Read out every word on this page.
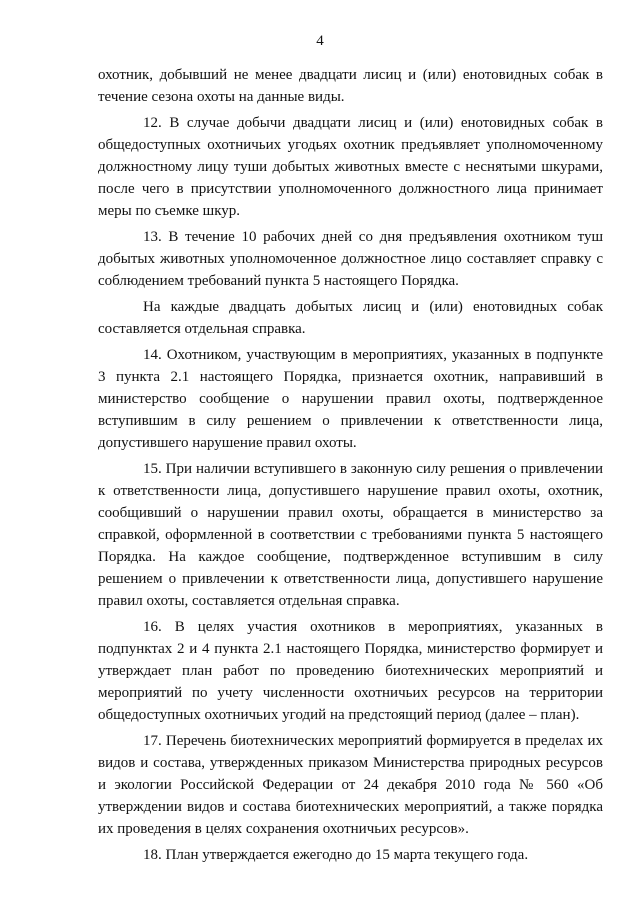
4

охотник, добывший не менее двадцати лисиц и (или) енотовидных собак в течение сезона охоты на данные виды.

12. В случае добычи двадцати лисиц и (или) енотовидных собак в общедоступных охотничьих угодьях охотник предъявляет уполномоченному должностному лицу туши добытых животных вместе с неснятыми шкурами, после чего в присутствии уполномоченного должностного лица принимает меры по съемке шкур.

13. В течение 10 рабочих дней со дня предъявления охотником туш добытых животных уполномоченное должностное лицо составляет справку с соблюдением требований пункта 5 настоящего Порядка.

На каждые двадцать добытых лисиц и (или) енотовидных собак составляется отдельная справка.

14. Охотником, участвующим в мероприятиях, указанных в подпункте 3 пункта 2.1 настоящего Порядка, признается охотник, направивший в министерство сообщение о нарушении правил охоты, подтвержденное вступившим в силу решением о привлечении к ответственности лица, допустившего нарушение правил охоты.

15. При наличии вступившего в законную силу решения о привлечении к ответственности лица, допустившего нарушение правил охоты, охотник, сообщивший о нарушении правил охоты, обращается в министерство за справкой, оформленной в соответствии с требованиями пункта 5 настоящего Порядка. На каждое сообщение, подтвержденное вступившим в силу решением о привлечении к ответственности лица, допустившего нарушение правил охоты, составляется отдельная справка.

16. В целях участия охотников в мероприятиях, указанных в подпунктах 2 и 4 пункта 2.1 настоящего Порядка, министерство формирует и утверждает план работ по проведению биотехнических мероприятий и мероприятий по учету численности охотничьих ресурсов на территории общедоступных охотничьих угодий на предстоящий период (далее – план).

17. Перечень биотехнических мероприятий формируется в пределах их видов и состава, утвержденных приказом Министерства природных ресурсов и экологии Российской Федерации от 24 декабря 2010 года № 560 «Об утверждении видов и состава биотехнических мероприятий, а также порядка их проведения в целях сохранения охотничьих ресурсов».

18. План утверждается ежегодно до 15 марта текущего года.
